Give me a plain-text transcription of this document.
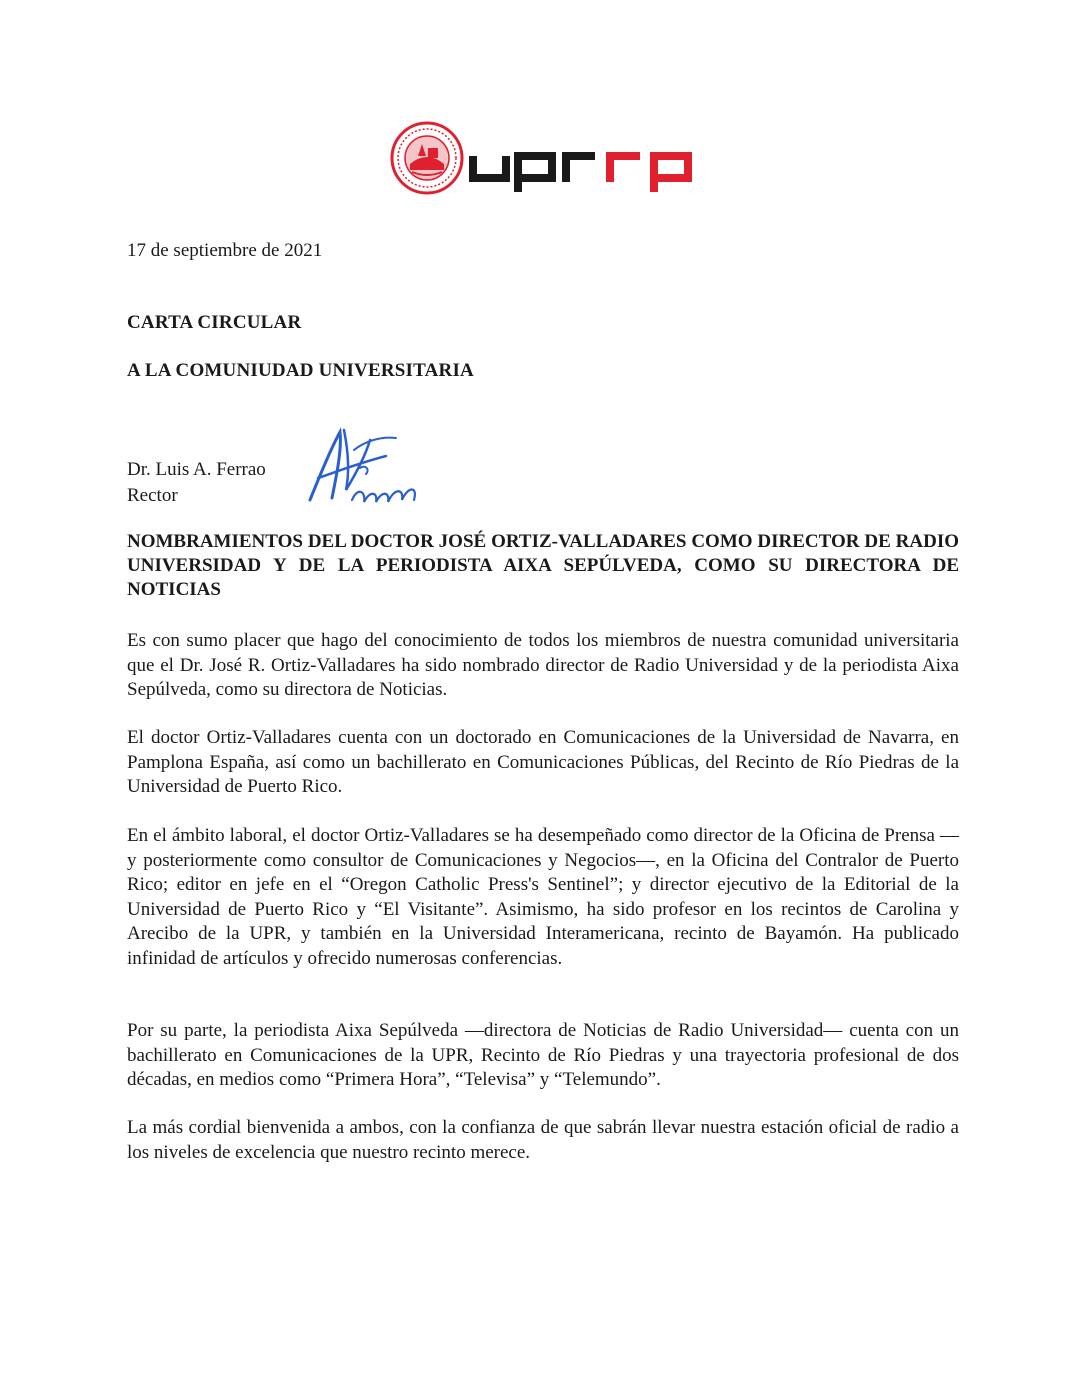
17 de septiembre de 2021
CARTA CIRCULAR
A LA COMUNIUDAD UNIVERSITARIA
Dr. Luis A. Ferrao
Rector
NOMBRAMIENTOS DEL DOCTOR JOSÉ ORTIZ-VALLADARES COMO DIRECTOR DE RADIO UNIVERSIDAD Y DE LA PERIODISTA AIXA SEPÚLVEDA, COMO SU DIRECTORA DE NOTICIAS

Es con sumo placer que hago del conocimiento de todos los miembros de nuestra comunidad universitaria que el Dr. José R. Ortiz-Valladares ha sido nombrado director de Radio Universidad y de la periodista Aixa Sepúlveda, como su directora de Noticias.

El doctor Ortiz-Valladares cuenta con un doctorado en Comunicaciones de la Universidad de Navarra, en Pamplona España, así como un bachillerato en Comunicaciones Públicas, del Recinto de Río Piedras de la Universidad de Puerto Rico.

En el ámbito laboral, el doctor Ortiz-Valladares se ha desempeñado como director de la Oficina de Prensa —y posteriormente como consultor de Comunicaciones y Negocios—, en la Oficina del Contralor de Puerto Rico; editor en jefe en el “Oregon Catholic Press's Sentinel”; y director ejecutivo de la Editorial de la Universidad de Puerto Rico y “El Visitante”. Asimismo, ha sido profesor en los recintos de Carolina y Arecibo de la UPR, y también en la Universidad Interamericana, recinto de Bayamón. Ha publicado infinidad de artículos y ofrecido numerosas conferencias.

Por su parte, la periodista Aixa Sepúlveda —directora de Noticias de Radio Universidad— cuenta con un bachillerato en Comunicaciones de la UPR, Recinto de Río Piedras y una trayectoria profesional de dos décadas, en medios como “Primera Hora”, “Televisa” y “Telemundo”.

La más cordial bienvenida a ambos, con la confianza de que sabrán llevar nuestra estación oficial de radio a los niveles de excelencia que nuestro recinto merece.
